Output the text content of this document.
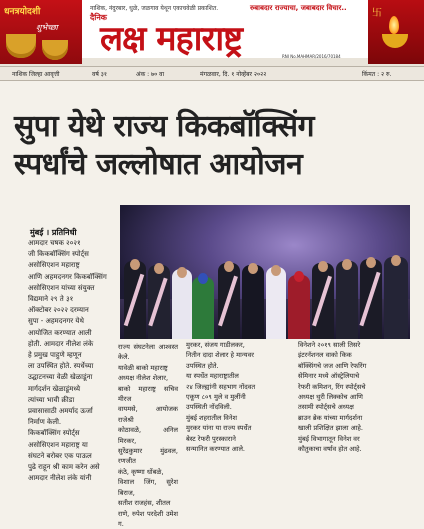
धनत्रयोदशी
शुभेच्छा
दैनिक
नाशिक, नंदुरबार, धुळे, जळगाव येथून एकाचवेळी प्रकाशित.	रुबाबदार राज्याचा, जबाबदार विचार..
लक्ष महाराष्ट्र	RNI No.MAHMAR/2016/70184
卐
नाशिक जिल्हा आवृत्ती	वर्ष ३१	अंक : ७० वा	मंगळवार, दि. १ नोव्हेंबर २०२२	किंमत : २ रु.
सुपा येथे राज्य किकबॉक्सिंग
स्पर्धांचे जल्लोषात आयोजन
मुंबई । प्रतिनिधी
आमदार चषक २०२१
जी किकबॉक्सिंग स्पोर्ट्स
असोसिएशन महाराष्ट्र
आणि अहमदनगर किकबॉक्सिंग
असोसिएशन यांच्या संयुक्त
विद्यमाने २९ ते ३१
ऑक्टोबर २०२२ दरम्यान
सुपा - अहमदनगर येथे
आयोजित करण्यात आली
होती. आमदार नीलेश लंके
हे प्रमुख पाहुणे म्हणून
ला उपस्थित होते. स्पर्धेच्या
उद्घाटनच्या वेळी खेळाडूंना
मार्गदर्शन खेळाडूंमध्ये
त्यांच्या भावी क्रीडा
प्रवासासाठी अमर्याद ऊर्जा
निर्माण केली.
किकबॉक्सिंग स्पोर्ट्स
असोसिएशन महाराष्ट्र या
संघटने बरोबर एक पाऊल
पुढे राहून श्री काम करेन असे
आमदार नीलेश लंके यांनी
राज्य संघटनेला आश्वस्त केले.
यावेळी बाको महाराष्ट्र
अध्यक्ष नीलेश शेलार,
बाको महाराष्ट्र सचिव मीरज
वायमसे, आयोजक राजेश्री
कोठावळे, अनिल मिरकर,
सुरेंद्रकुमार मुंढवल, रणजीत
कंठे, कृष्णा धोंबळे,
विशाल जिंग, सुरेश बिराज,
सतीश राजहंस, शीतल
राणे, रुपेश परदेशी उमेश ग.
मुरकर, संजय गाडीलकर,
नितीन दादा शेलार हे मान्यवर
उपस्थित होते.
या स्पर्धेत महाराष्ट्रातील
२४ जिल्ह्यांनी सहभाग नोंदवत
एकूण ८०९ मुले व मुलींनी
उपस्थिती नोंदविली.
मुंबई शहरातील विनेश
मुरकर यांना या राज्य स्पर्धेत
बेस्ट रेफरी पुरस्काराने
सन्मानित करण्यात आले.
विनेशने २०१९ साली तिसरे
इंटरनॅशनल वाको किक
बॉक्सिंगचे जज आणि रेफरिंग
सेमिनार मध्ये ऑस्ट्रेलियाचे
रेफरी कमिशन, रिंग स्पोर्ट्सचे
अध्यक्ष थुरी लिक्कोच आणि
तसामी स्पोर्ट्सचे अध्यक्ष
ब्राउन ब्रेक यांच्या मार्गदर्शना
खाली प्रशिक्षित झाला आहे.
मुंबई विभागातून विनेश वर
कौतुकाचा वर्षाव होत आहे.
